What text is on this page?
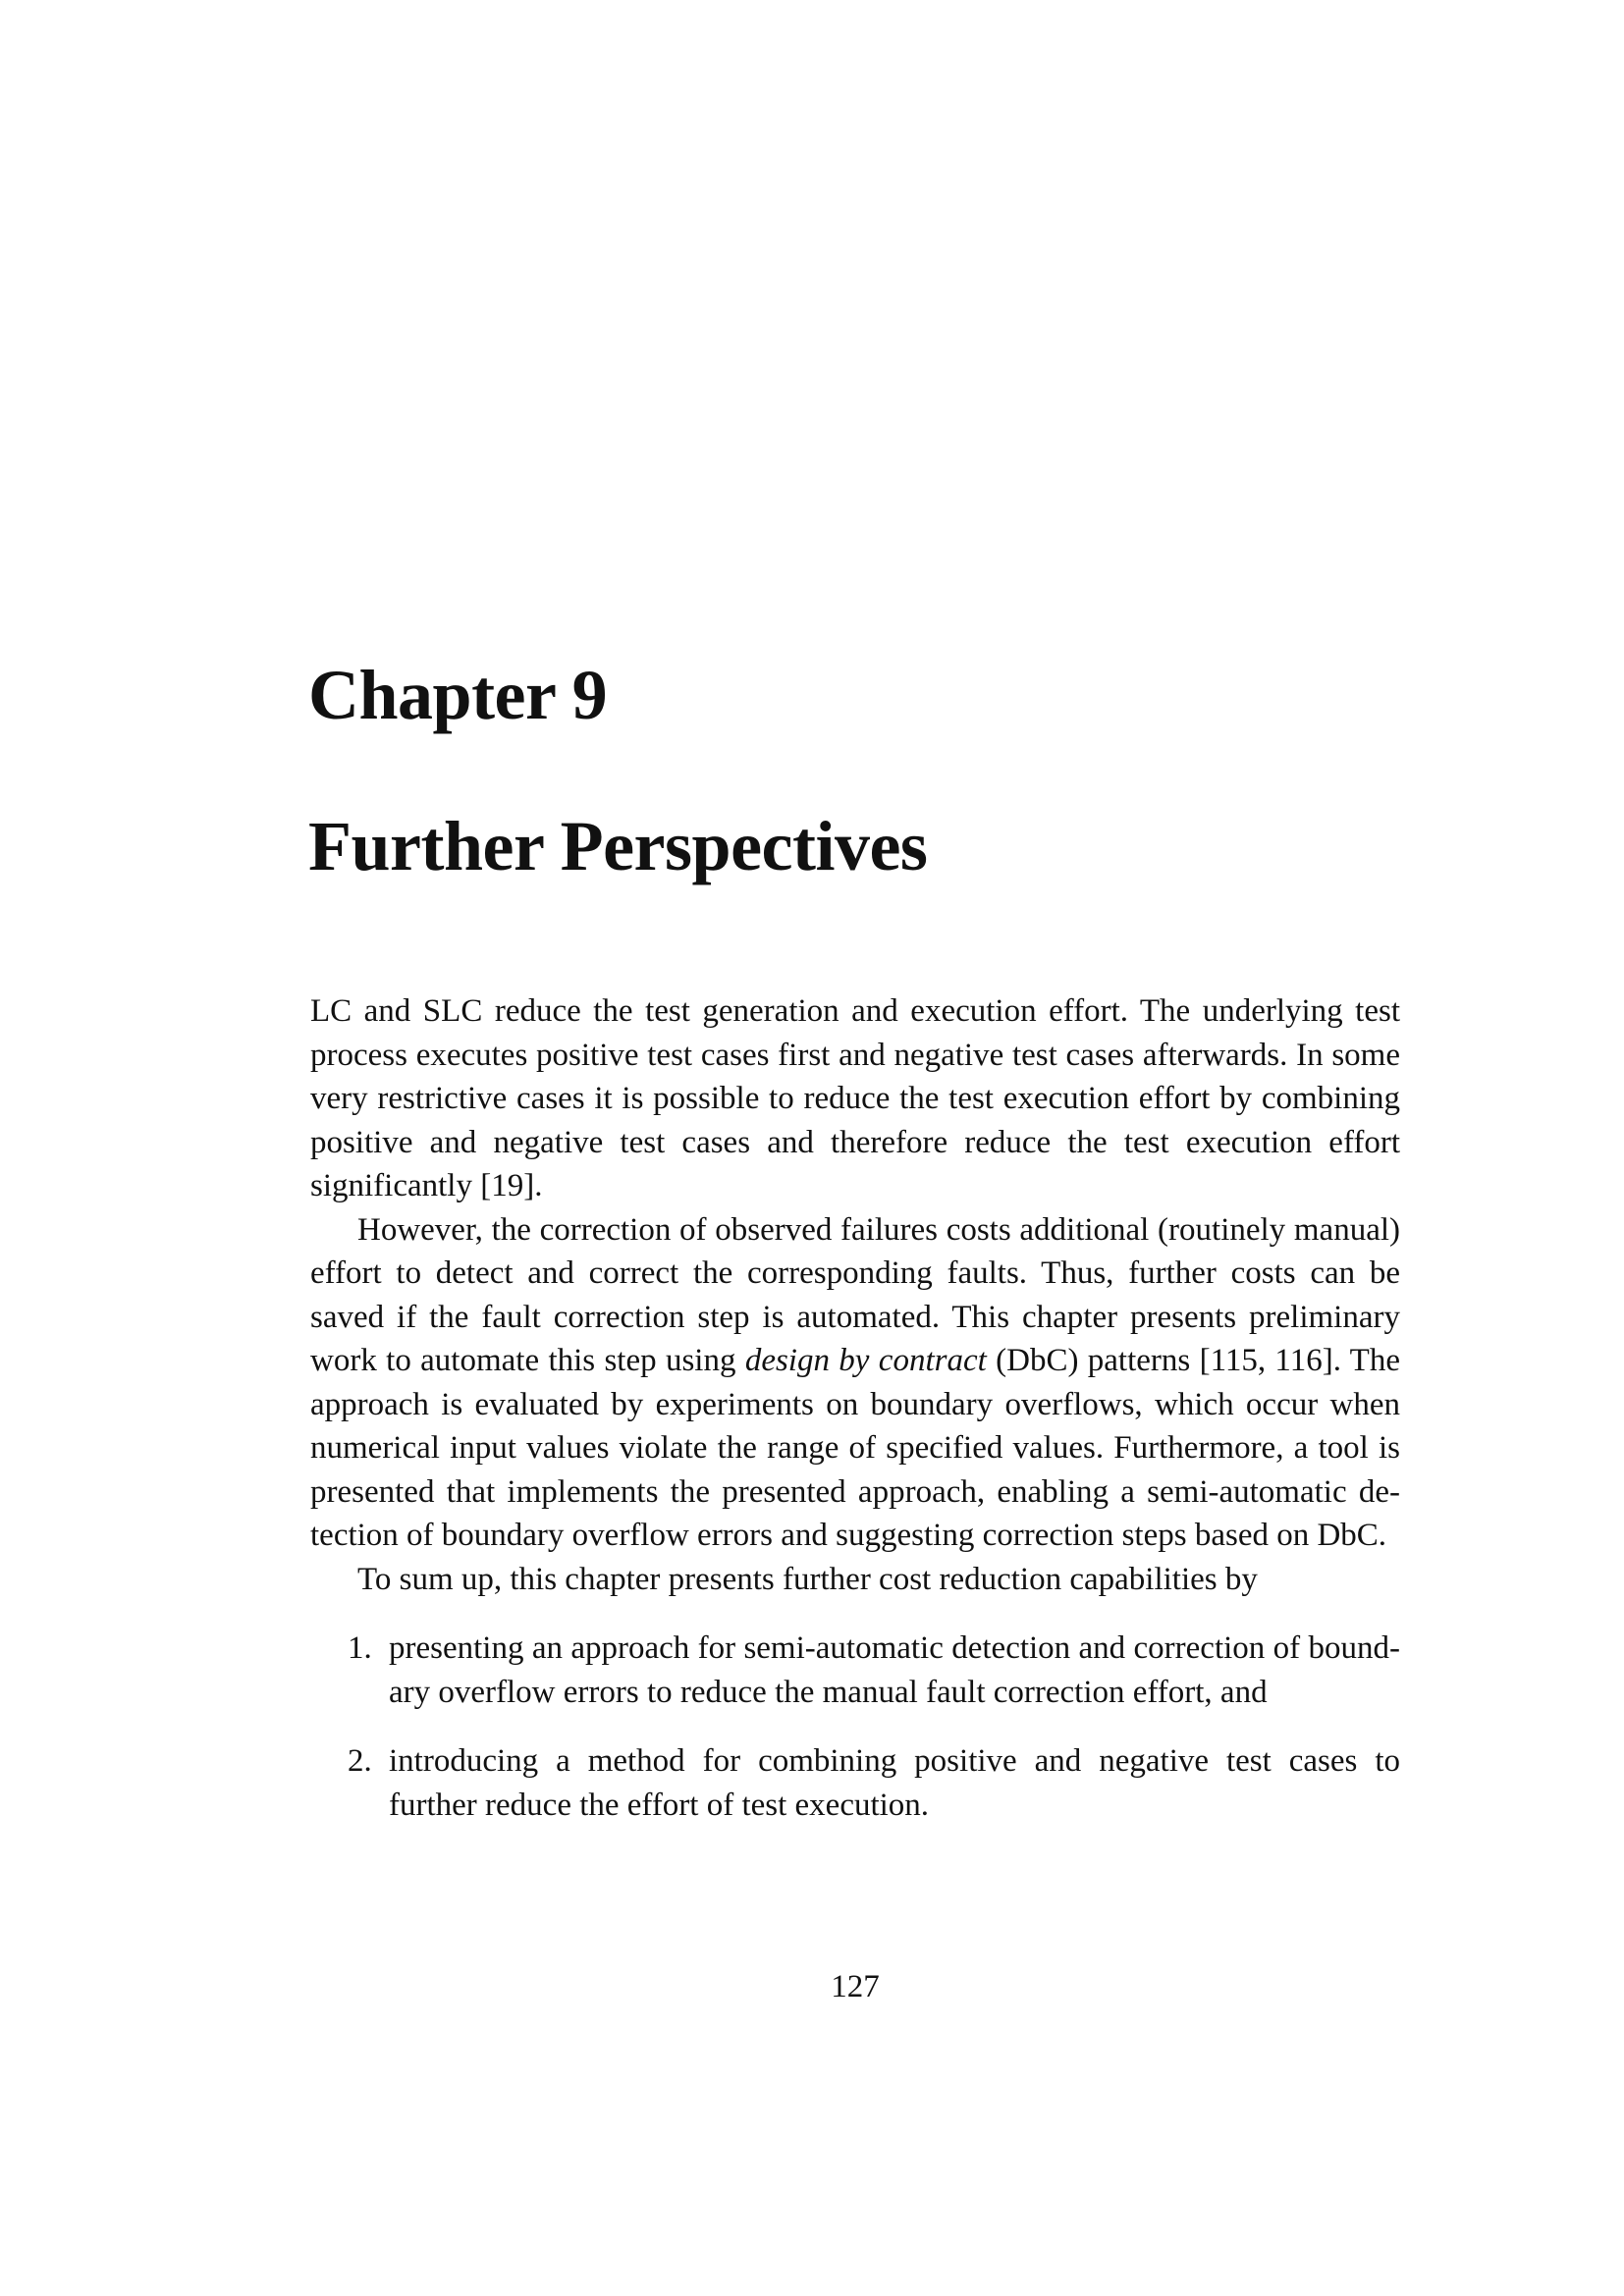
Chapter 9
Further Perspectives

LC and SLC reduce the test generation and execution effort. The underlying test process executes positive test cases first and negative test cases afterwards. In some very restrictive cases it is possible to reduce the test execution effort by combining positive and negative test cases and therefore reduce the test execution effort significantly [19].

However, the correction of observed failures costs additional (routinely manual) effort to detect and correct the corresponding faults. Thus, further costs can be saved if the fault correction step is automated. This chapter presents preliminary work to automate this step using design by contract (DbC) patterns [115, 116]. The approach is evaluated by experiments on boundary overflows, which occur when numerical input values violate the range of specified values. Furthermore, a tool is presented that implements the presented approach, enabling a semi-automatic detection of boundary overflow errors and suggesting correction steps based on DbC.

To sum up, this chapter presents further cost reduction capabilities by

1. presenting an approach for semi-automatic detection and correction of boundary overflow errors to reduce the manual fault correction effort, and
2. introducing a method for combining positive and negative test cases to further reduce the effort of test execution.
127
